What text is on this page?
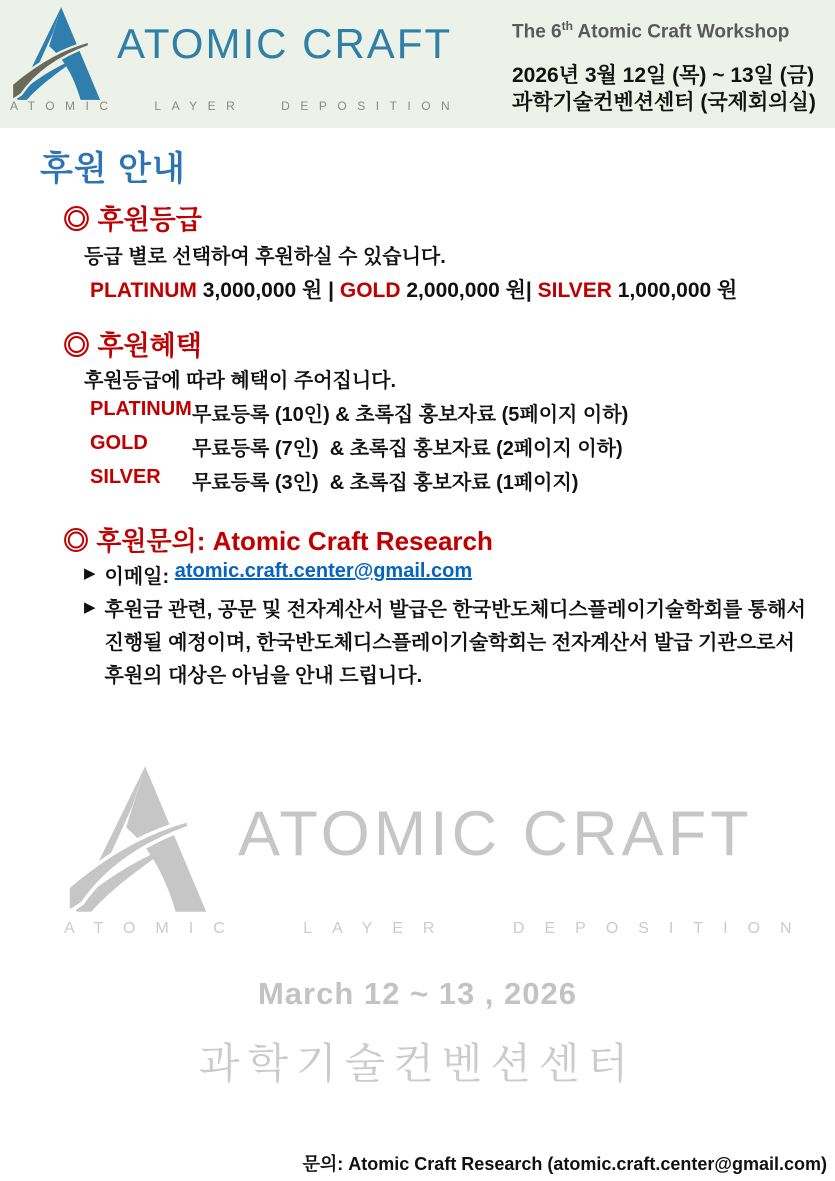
ATOMIC CRAFT
ATOMIC LAYER DEPOSITION
The 6th Atomic Craft Workshop
2026년 3월 12일 (목) ~ 13일 (금)
과학기술컨벤션센터 (국제회의실)
후원 안내
◎ 후원등급
등급 별로 선택하여 후원하실 수 있습니다.
PLATINUM 3,000,000 원 | GOLD 2,000,000 원| SILVER 1,000,000 원
◎ 후원혜택
후원등급에 따라 혜택이 주어집니다.
PLATINUM 무료등록 (10인) & 초록집 홍보자료 (5페이지 이하)
GOLD	무료등록 (7인)  & 초록집 홍보자료 (2페이지 이하)
SILVER	무료등록 (3인)  & 초록집 홍보자료 (1페이지)
◎ 후원문의: Atomic Craft Research
▶ 이메일: atomic.craft.center@gmail.com
▶ 후원금 관련, 공문 및 전자계산서 발급은 한국반도체디스플레이기술학회를 통해서
진행될 예정이며, 한국반도체디스플레이기술학회는 전자계산서 발급 기관으로서
후원의 대상은 아님을 안내 드립니다.
ATOMIC CRAFT
ATOMIC LAYER DEPOSITION
March 12 ~ 13 , 2026
과학기술컨벤션센터
문의: Atomic Craft Research (atomic.craft.center@gmail.com)
